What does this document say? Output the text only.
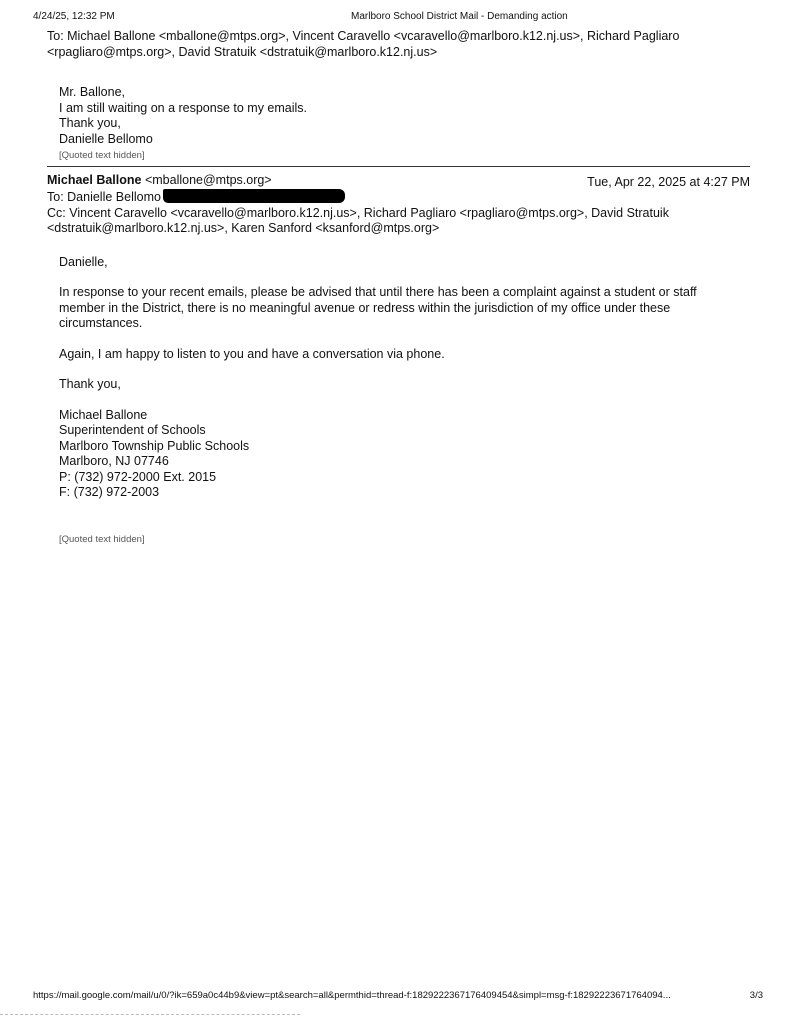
4/24/25, 12:32 PM	Marlboro School District Mail - Demanding action
To: Michael Ballone <mballone@mtps.org>, Vincent Caravello <vcaravello@marlboro.k12.nj.us>, Richard Pagliaro
<rpagliaro@mtps.org>, David Stratuik <dstratuik@marlboro.k12.nj.us>
Mr. Ballone,
I am still waiting on a response to my emails.
Thank you,
Danielle Bellomo
[Quoted text hidden]
Michael Ballone <mballone@mtps.org>	Tue, Apr 22, 2025 at 4:27 PM
To: Danielle Bellomo
Cc: Vincent Caravello <vcaravello@marlboro.k12.nj.us>, Richard Pagliaro <rpagliaro@mtps.org>, David Stratuik
<dstratuik@marlboro.k12.nj.us>, Karen Sanford <ksanford@mtps.org>

Danielle,

In response to your recent emails, please be advised that until there has been a complaint against a student or staff
member in the District, there is no meaningful avenue or redress within the jurisdiction of my office under these
circumstances.

Again, I am happy to listen to you and have a conversation via phone.

Thank you,

Michael Ballone
Superintendent of Schools
Marlboro Township Public Schools
Marlboro, NJ 07746
P: (732) 972-2000 Ext. 2015
F: (732) 972-2003
[Quoted text hidden]
https://mail.google.com/mail/u/0/?ik=659a0c44b9&view=pt&search=all&permthid=thread-f:1829222367176409454&simpl=msg-f:18292223671764094...	3/3
